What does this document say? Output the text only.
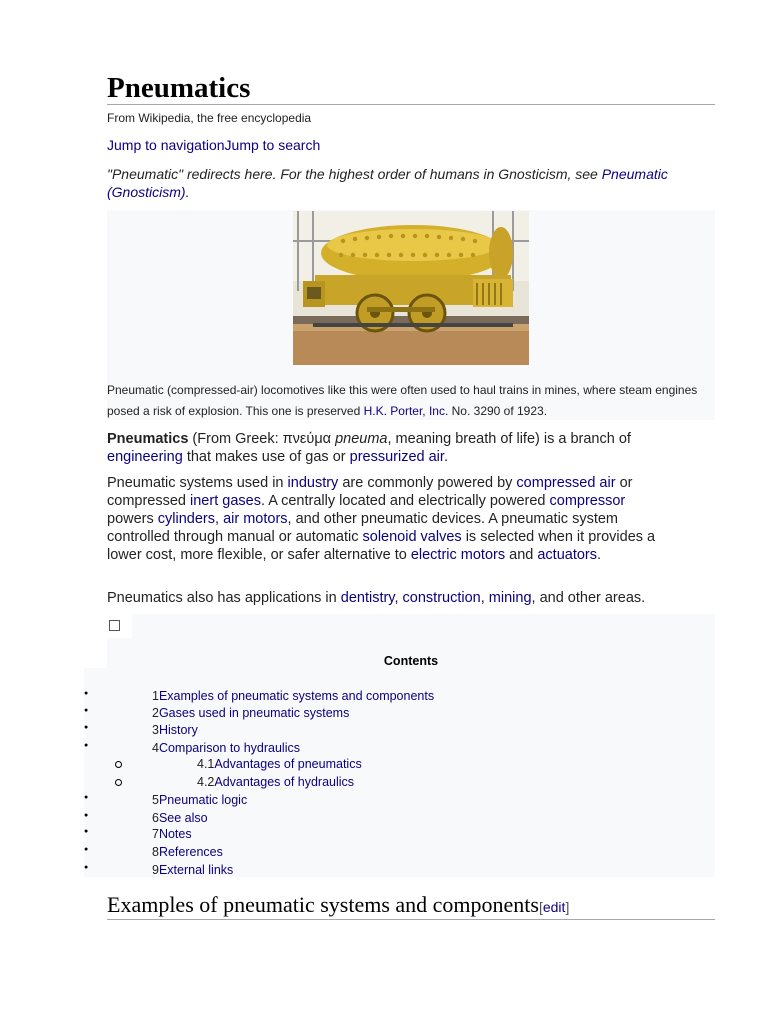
Pneumatics
From Wikipedia, the free encyclopedia
Jump to navigationJump to search
"Pneumatic" redirects here. For the highest order of humans in Gnosticism, see Pneumatic (Gnosticism).
Pneumatic (compressed-air) locomotives like this were often used to haul trains in mines, where steam engines posed a risk of explosion. This one is preserved H.K. Porter, Inc. No. 3290 of 1923.
Pneumatics (From Greek: πνεύμα pneuma, meaning breath of life) is a branch of engineering that makes use of gas or pressurized air.
Pneumatic systems used in industry are commonly powered by compressed air or compressed inert gases. A centrally located and electrically powered compressor powers cylinders, air motors, and other pneumatic devices. A pneumatic system controlled through manual or automatic solenoid valves is selected when it provides a lower cost, more flexible, or safer alternative to electric motors and actuators.
Pneumatics also has applications in dentistry, construction, mining, and other areas.
Contents
●	1Examples of pneumatic systems and components
●	2Gases used in pneumatic systems
●	3History
●	4Comparison to hydraulics
4.1Advantages of pneumatics
4.2Advantages of hydraulics
●	5Pneumatic logic
●	6See also
●	7Notes
●	8References
●	9External links
Examples of pneumatic systems and components[edit]
